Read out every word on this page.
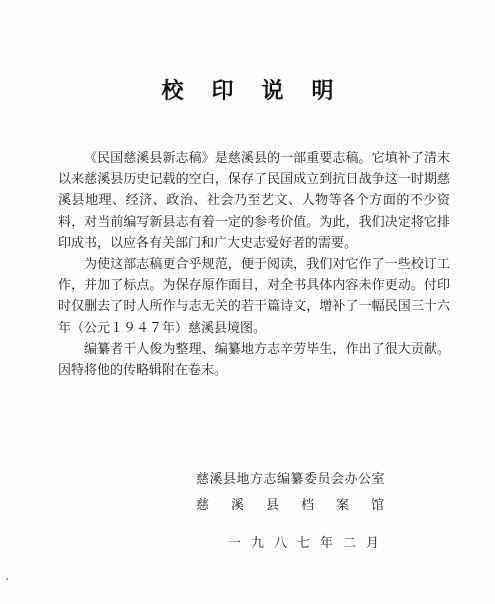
校印说明

《民国慈溪县新志稿》是慈溪县的一部重要志稿。它填补了清末以来慈溪县历史记载的空白，保存了民国成立到抗日战争这一时期慈溪县地理、经济、政治、社会乃至艺文、人物等各个方面的不少资料，对当前编写新县志有着一定的参考价值。为此，我们决定将它排印成书，以应各有关部门和广大史志爱好者的需要。

为使这部志稿更合乎规范，便于阅读，我们对它作了一些校订工作，并加了标点。为保存原作面目，对全书具体内容未作更动。付印时仅删去了时人所作与志无关的若干篇诗文，增补了一幅民国三十六年（公元１９４７年）慈溪县境图。

编纂者干人俊为整理、编纂地方志辛劳毕生，作出了很大贡献。因特将他的传略辑附在卷末。

慈溪县地方志编纂委员会办公室
慈溪县档案馆
一九八七年二月
